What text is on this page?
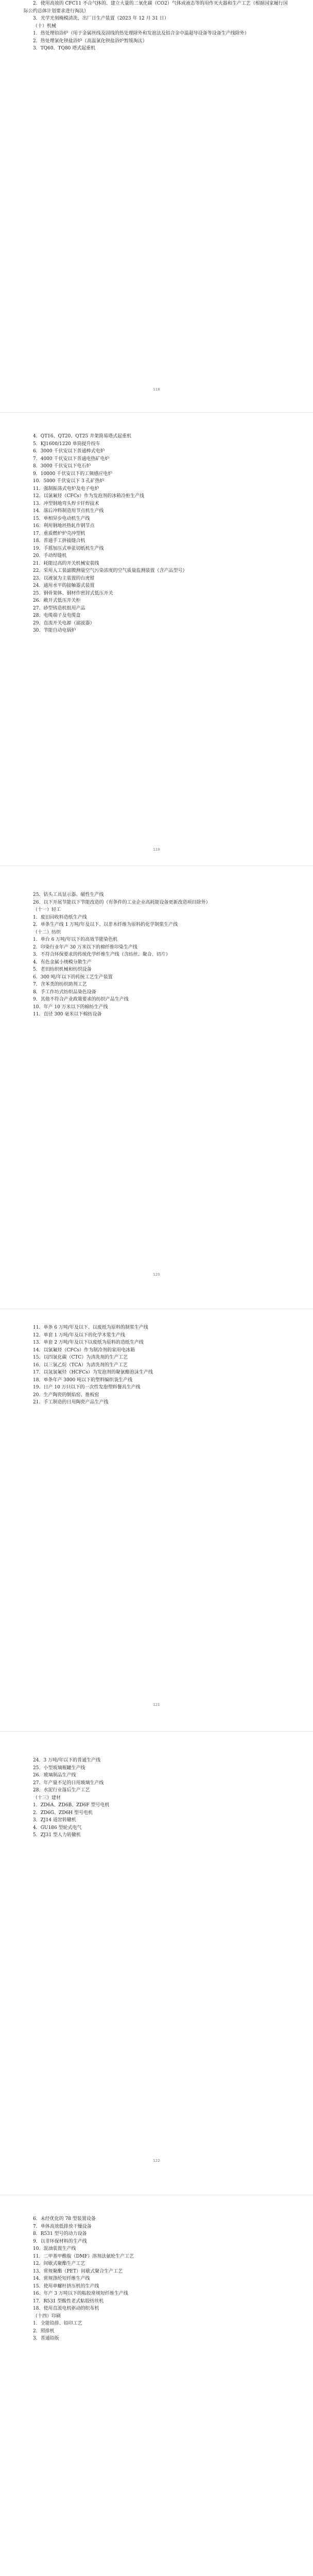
2．使用高效的 CFC11 不合气体的、建立大量的二氧化碳（CO2）气体或液态等的用作灭火器和生产工艺（根据国家履行国际公约总体计划要求进行淘汰）

3．光学光刻掩模清洗，出厂日生产装置（2023 年 12 月 31 日）

（十）机械

1．热处理铅浴炉（用于金属丝线及固线的热处理除外和发泡法及铝合金中温超导设备等设备生产线除外）

2．热处理氯化钡盐浴炉（高温氯化钡盐浴炉暂缓淘汰）

3．TQ60、TQ80 塔式起重机

118

4．QT16、QT20、QT25 井架简易塔式起重机

5．KJ1600/1220 单筒提升绞车

6．3000 千伏安以下普通棒式电炉

7．4000 千伏安以下普通电热矿电炉

8．3000 千伏安以下电石炉

9．10000 千伏安以下的工频感应电炉

10．5000 千伏安以下 3 孔矿热炉

11．强制振荡式电炉及电子电炉

12．以氯氟烃（CFCs）作为发泡剂的冰箱冷柜生产线

13．冲型钢地弯头焊卡钎焊技术

14．落后冲料制造用节点机生产线

15．单相异步电动机生产线

16．利用钢地坯热轧作钢节点

17．重质燃炉炉壳冲型机

18．普通手工拼接缝合机

19．手摇加压式单张切纸机生产线

20．手动焊缝机

21．耗能过高的开关机械安装线

22．采用人工装滤膜测量空气污染浓度的空气质量监测装置（含产品型号）

23．以液氯为主装置的台虎钳

24．通用水平的接触器式装置

25．钢骨架体、钢材作密封式低压开关

26．敞开式低压开关柜

27．砂型铸造机组用产品

28．电缆端子及电缆盒

29．直流开关电源（滤波器）

30．节能自动电锅炉

119

25．钻头工具显示器、磁性生产线

26．以下开展节能以下节能改造的（有条件的工业企业高耗能设备更新改造项目除外）

（十一）轻工

1．废旧回收料造纸生产线

2．单条生产线 1 万吨/年及以下、以非木纤维为原料的化学制浆生产线

（十二）纺织

1．单台 6 万吨/年以下的高效节能染色机

2．印染行业年产 30 万米以下的棉纤维印染生产线

3．不符合环保要求的传统化学纤维生产线（含纺丝、聚合、切片）

4．有色金属小规模分散生产

5．老旧纺织机械和纺织设备

6．300 吨/年以下的传统工艺生产装置

7．含苯类的纺织助剂工艺

8．手工作坊式纺织品染色设备

9．其他不符合产业政策要求的纺织产品生产线

10．年产 10 万米以下的棉纺生产线

11．直径 300 毫米以下棉纺设备

120

11．单条 6 万吨/年及以下、以废纸为原料的制浆生产线

12．单套 1 万吨/年及以下的化学木浆生产线

13．单套 2 万吨/年及以下以废纸为原料的造纸生产线

14．以氯氟烃（CFCs）作为制冷剂的家用电冰箱

15．以四氯化碳（CTC）为清洗剂的生产工艺

16．以三氯乙烷（TCA）为清洗剂的生产工艺

17．以氢氯氟烃（HCFCs）为发泡剂的聚氨酯泡沫生产线

18．单条年产 3000 吨以下的塑料编织袋生产线

19．日产 10 万只以下的一次性发泡塑料餐具生产线

20．生产陶瓷的倒焰窑、推板窑

21．手工制造的日用陶瓷产品生产线

121

24．3 万吨/年以下的普通生产线

25．小型玻璃瓶罐生产线

26．玻璃制品生产线

27．年产量不足的日用玻璃生产线

28．水泥行业落后生产工艺

（十三）建材

1．ZD6A、ZD6B、ZD6F 型号电机

2．ZD6G、ZD6H 型号电机

3．ZJ14 道岔转辙机

4．GU186 型轮式电气

5．ZJ31 型人力转辙机

122

6．未经优化的 78 型装置设备

7．单体高效低排放干燥设备

8．R531 型号的动力设备

9．以非环保材料的生产线

10．混油装置生产线

11．二甲基甲酰胺（DMF）溶剂法氨纶生产工艺

12．间歇式聚酯生产工艺

13．常规聚酯（PET）间歇式聚合生产工艺

14．常规涤纶短纤维生产线

15．使用单螺杆挤压机的生产线

16．年产 3 万吨以下的粘胶常规短纤维生产线

17．R531 型酸性老式粘胶纺丝机

18．使用直流电机驱动的织布机

（十四）印刷

1．全能铅排、铅印工艺

2．照排机

3．普通铅版
